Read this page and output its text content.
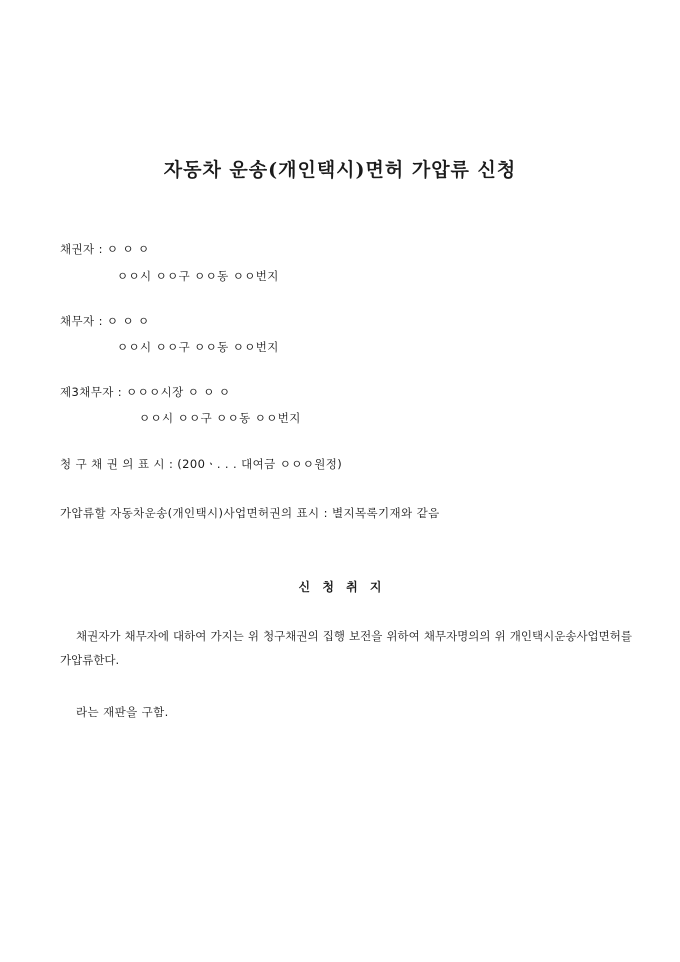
자동차 운송(개인택시)면허 가압류 신청
채권자 : ㅇ ㅇ ㅇ
ㅇㅇ시 ㅇㅇ구 ㅇㅇ동 ㅇㅇ번지
채무자 : ㅇ ㅇ ㅇ
ㅇㅇ시 ㅇㅇ구 ㅇㅇ동 ㅇㅇ번지
제3채무자 : ㅇㅇㅇ시장 ㅇ ㅇ ㅇ
ㅇㅇ시 ㅇㅇ구 ㅇㅇ동 ㅇㅇ번지
청 구 채 권 의 표 시 : (200ㆍ. . . 대여금 ㅇㅇㅇ원정)
가압류할 자동차운송(개인택시)사업면허권의 표시 : 별지목록기재와 같음
신 청 취 지
채권자가 채무자에 대하여 가지는 위 청구채권의 집행 보전을 위하여 채무자명의의 위 개인택시운송사업면허를 가압류한다.
라는 재판을 구함.
